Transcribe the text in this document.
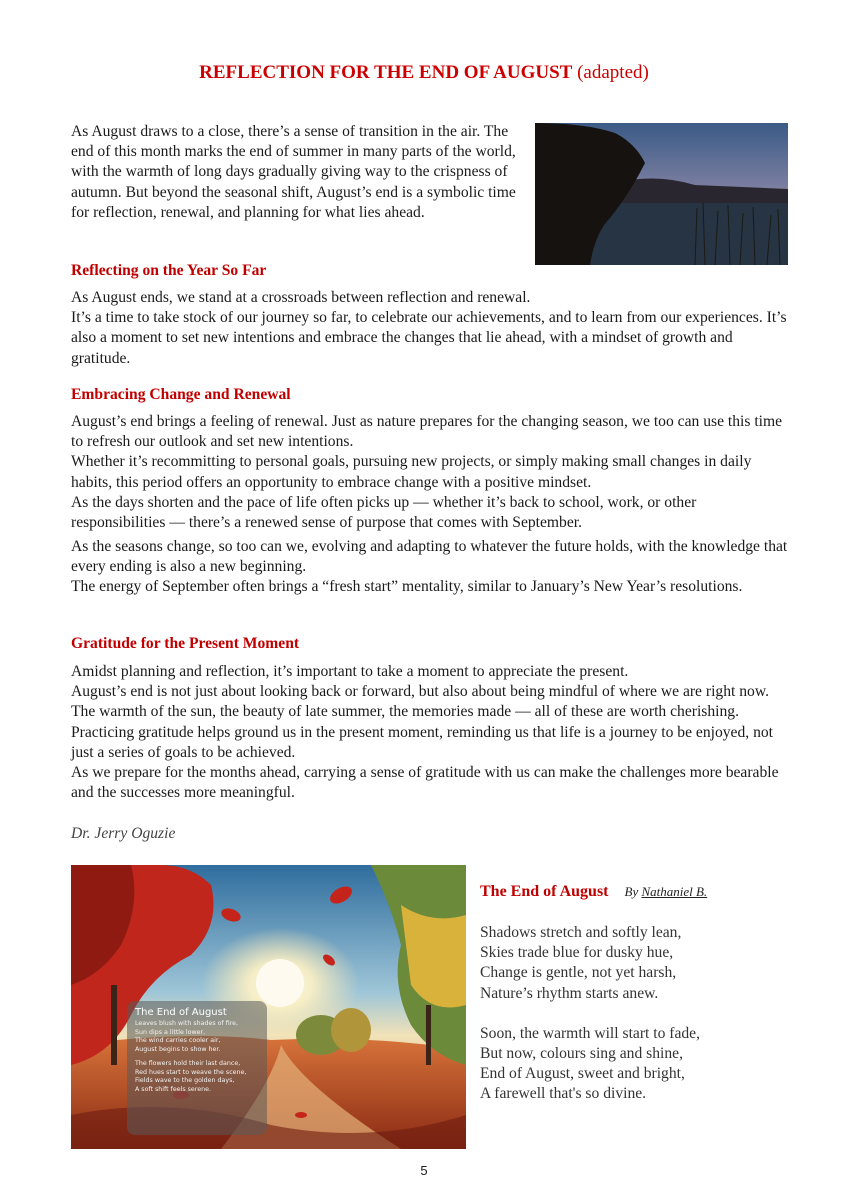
REFLECTION FOR THE END OF AUGUST (adapted)

As August draws to a close, there’s a sense of transition in the air. The end of this month marks the end of summer in many parts of the world, with the warmth of long days gradually giving way to the crispness of autumn. But beyond the seasonal shift, August’s end is a symbolic time for reflection, renewal, and planning for what lies ahead.

Reflecting on the Year So Far
As August ends, we stand at a crossroads between reflection and renewal.
It’s a time to take stock of our journey so far, to celebrate our achievements, and to learn from our experiences. It’s also a moment to set new intentions and embrace the changes that lie ahead, with a mindset of growth and gratitude.
Embracing Change and Renewal
August’s end brings a feeling of renewal. Just as nature prepares for the changing season, we too can use this time to refresh our outlook and set new intentions.
Whether it’s recommitting to personal goals, pursuing new projects, or simply making small changes in daily habits, this period offers an opportunity to embrace change with a positive mindset.
As the days shorten and the pace of life often picks up — whether it’s back to school, work, or other responsibilities — there’s a renewed sense of purpose that comes with September.
As the seasons change, so too can we, evolving and adapting to whatever the future holds, with the knowledge that every ending is also a new beginning.
The energy of September often brings a “fresh start” mentality, similar to January’s New Year’s resolutions.
Gratitude for the Present Moment
Amidst planning and reflection, it’s important to take a moment to appreciate the present.
August’s end is not just about looking back or forward, but also about being mindful of where we are right now. The warmth of the sun, the beauty of late summer, the memories made — all of these are worth cherishing.
Practicing gratitude helps ground us in the present moment, reminding us that life is a journey to be enjoyed, not just a series of goals to be achieved.
As we prepare for the months ahead, carrying a sense of gratitude with us can make the challenges more bearable and the successes more meaningful.
Dr. Jerry Oguzie
The End of August
Leaves blush with shades of fire,
Sun dips a little lower,
The wind carries cooler air,
August begins to show her.
The flowers hold their last dance,
Red hues start to weave the scene,
Fields wave to the golden days,
A soft shift feels serene.
The End of August By Nathaniel B.
Shadows stretch and softly lean,
Skies trade blue for dusky hue,
Change is gentle, not yet harsh,
Nature’s rhythm starts anew.
Soon, the warmth will start to fade,
But now, colours sing and shine,
End of August, sweet and bright,
A farewell that's so divine.
5
